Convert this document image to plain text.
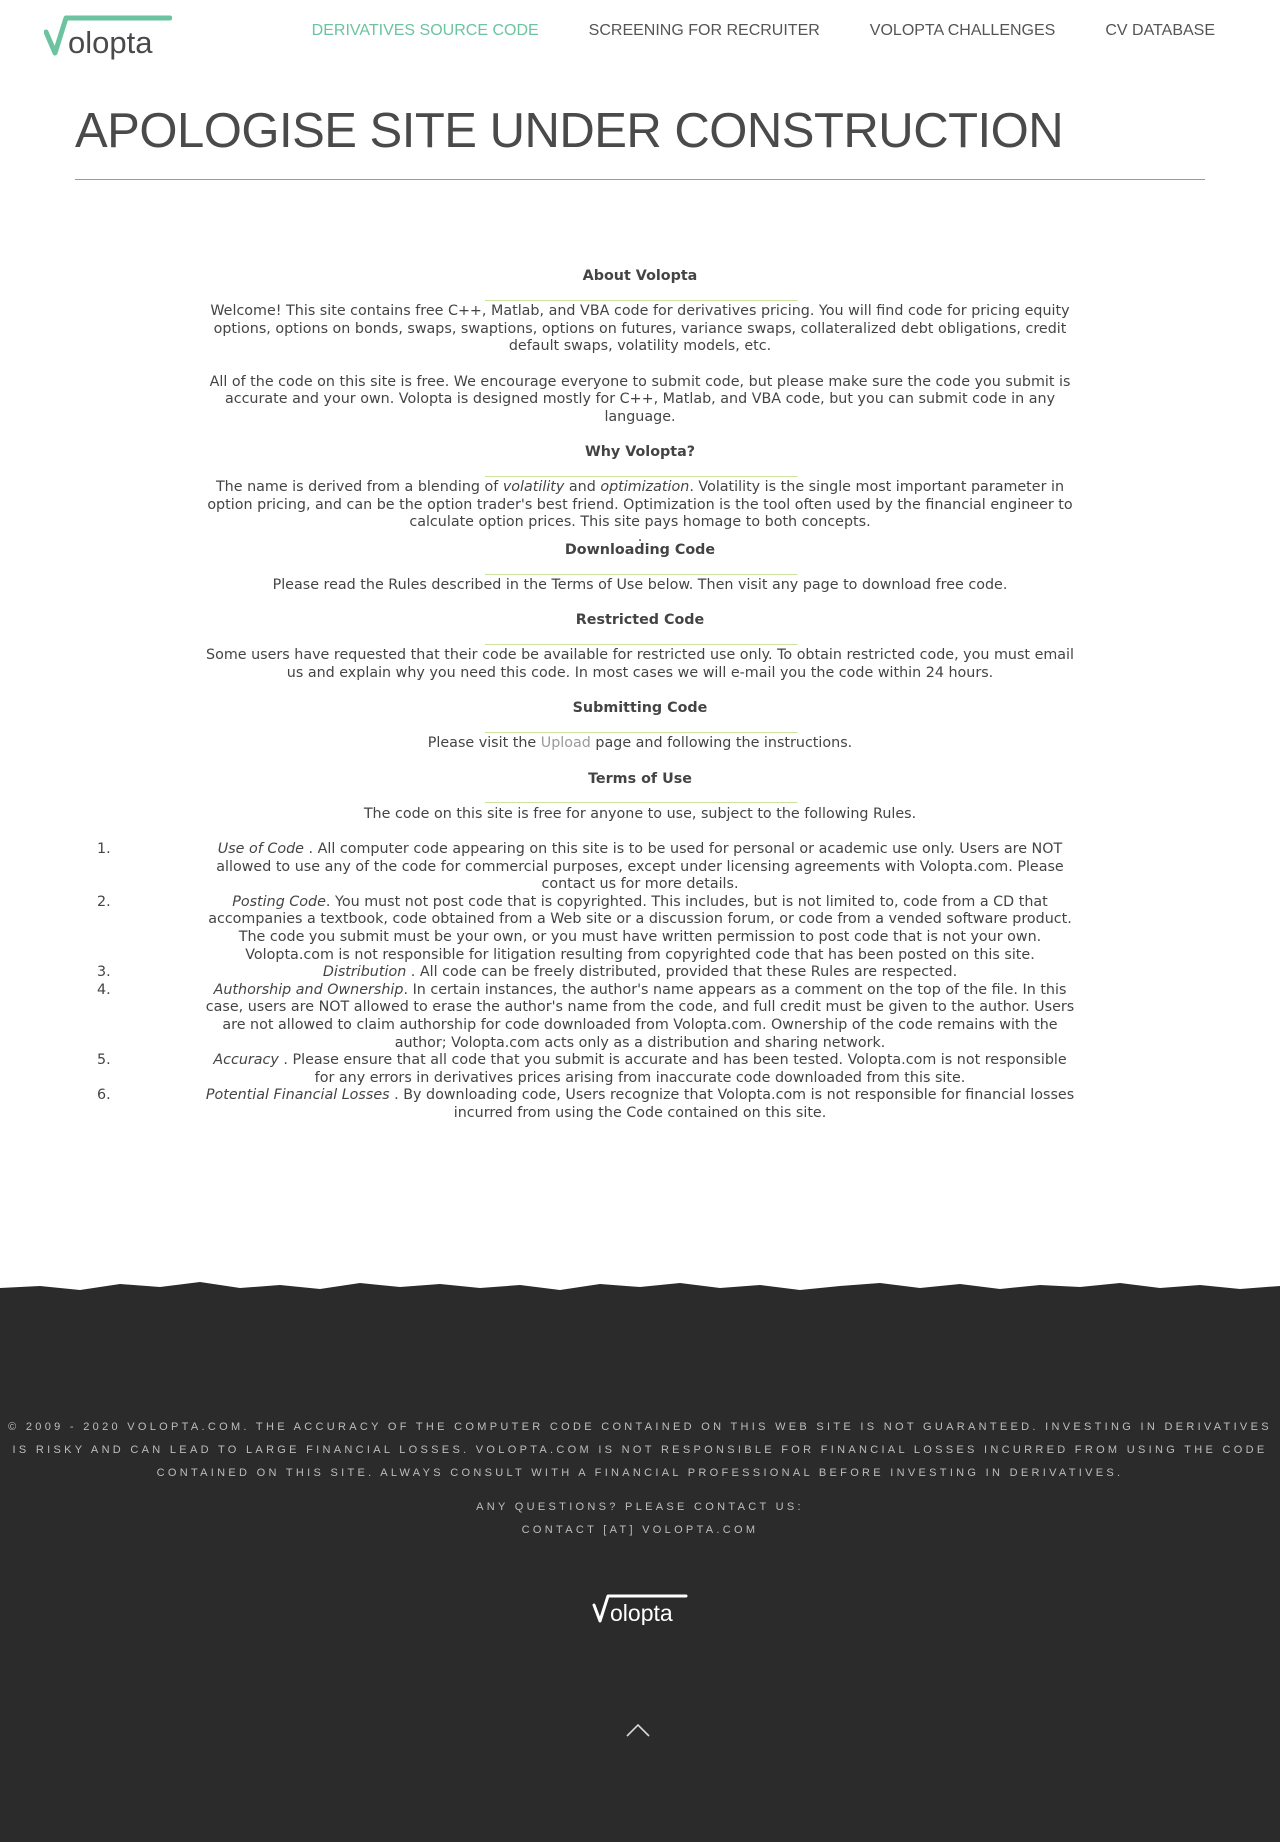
olopta	DERIVATIVES SOURCE CODE	SCREENING FOR RECRUITER	VOLOPTA CHALLENGES	CV DATABASE
APOLOGISE SITE UNDER CONSTRUCTION

About Volopta

________________________________________________________________

Welcome! This site contains free C++, Matlab, and VBA code for derivatives pricing. You will find code for pricing equity options, options on bonds, swaps, swaptions, options on futures, variance swaps, collateralized debt obligations, credit default swaps, volatility models, etc.

All of the code on this site is free. We encourage everyone to submit code, but please make sure the code you submit is accurate and your own. Volopta is designed mostly for C++, Matlab, and VBA code, but you can submit code in any language.

Why Volopta?

________________________________________________________________

The name is derived from a blending of volatility and optimization. Volatility is the single most important parameter in option pricing, and can be the option trader's best friend. Optimization is the tool often used by the financial engineer to calculate option prices. This site pays homage to both concepts.

.

Downloading Code

________________________________________________________________

Please read the Rules described in the Terms of Use below. Then visit any page to download free code.

Restricted Code

________________________________________________________________

Some users have requested that their code be available for restricted use only. To obtain restricted code, you must email us and explain why you need this code. In most cases we will e-mail you the code within 24 hours.

Submitting Code

________________________________________________________________

Please visit the Upload page and following the instructions.

Terms of Use

________________________________________________________________

The code on this site is free for anyone to use, subject to the following Rules.

1.	Use of Code . All computer code appearing on this site is to be used for personal or academic use only. Users are NOT allowed to use any of the code for commercial purposes, except under licensing agreements with Volopta.com. Please contact us for more details.
2.	Posting Code. You must not post code that is copyrighted. This includes, but is not limited to, code from a CD that accompanies a textbook, code obtained from a Web site or a discussion forum, or code from a vended software product. The code you submit must be your own, or you must have written permission to post code that is not your own. Volopta.com is not responsible for litigation resulting from copyrighted code that has been posted on this site.
3.	Distribution . All code can be freely distributed, provided that these Rules are respected.
4.	Authorship and Ownership. In certain instances, the author's name appears as a comment on the top of the file. In this case, users are NOT allowed to erase the author's name from the code, and full credit must be given to the author. Users are not allowed to claim authorship for code downloaded from Volopta.com. Ownership of the code remains with the author; Volopta.com acts only as a distribution and sharing network.
5.	Accuracy . Please ensure that all code that you submit is accurate and has been tested. Volopta.com is not responsible for any errors in derivatives prices arising from inaccurate code downloaded from this site.
6.	Potential Financial Losses . By downloading code, Users recognize that Volopta.com is not responsible for financial losses incurred from using the Code contained on this site.

© 2009 - 2020 VOLOPTA.COM. THE ACCURACY OF THE COMPUTER CODE CONTAINED ON THIS WEB SITE IS NOT GUARANTEED. INVESTING IN DERIVATIVES IS RISKY AND CAN LEAD TO LARGE FINANCIAL LOSSES. VOLOPTA.COM IS NOT RESPONSIBLE FOR FINANCIAL LOSSES INCURRED FROM USING THE CODE CONTAINED ON THIS SITE. ALWAYS CONSULT WITH A FINANCIAL PROFESSIONAL BEFORE INVESTING IN DERIVATIVES.

ANY QUESTIONS? PLEASE CONTACT US:
CONTACT [AT] VOLOPTA.COM
olopta
